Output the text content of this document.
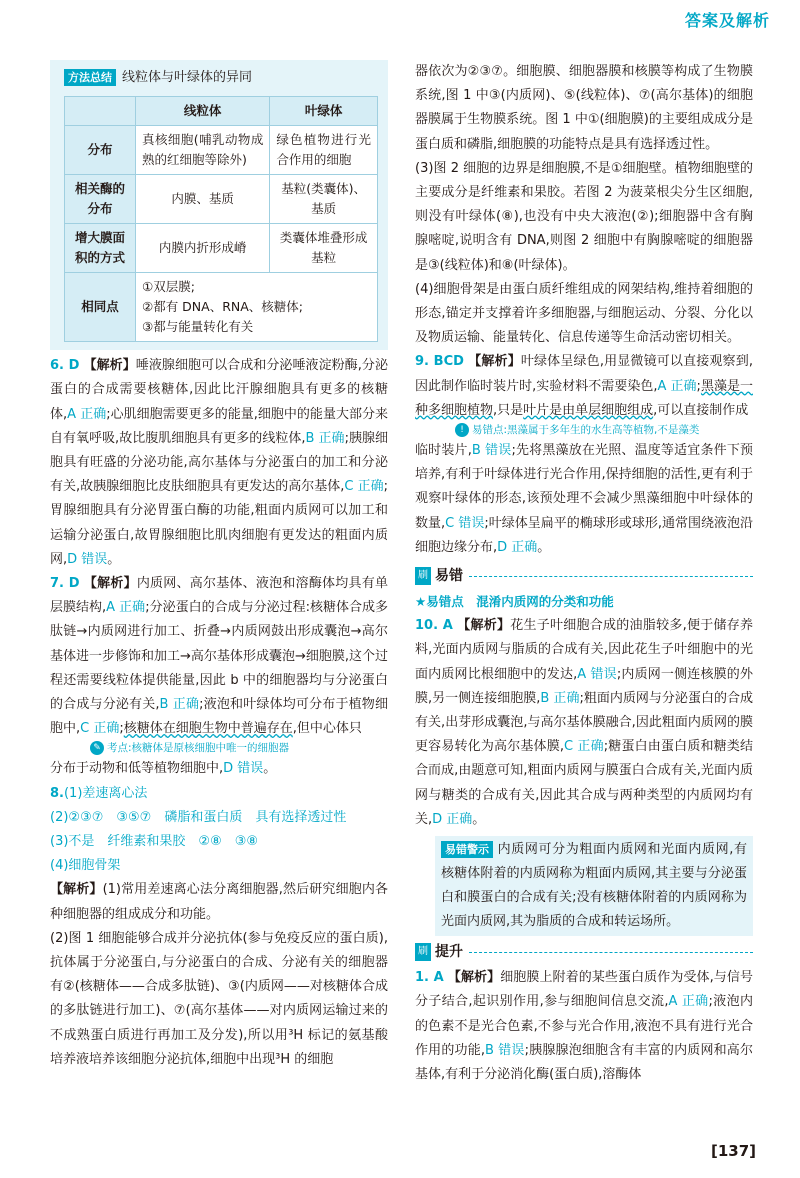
答案及解析
方法总结 线粒体与叶绿体的异同
	线粒体	叶绿体
分布	真核细胞(哺乳动物成熟的红细胞等除外)	绿色植物进行光合作用的细胞
相关酶的分布	内膜、基质	基粒(类囊体)、基质
增大膜面积的方式	内膜内折形成嵴	类囊体堆叠形成基粒
相同点	①双层膜;
②都有 DNA、RNA、核糖体;
③都与能量转化有关	

6. D 【解析】唾液腺细胞可以合成和分泌唾液淀粉酶,分泌蛋白的合成需要核糖体,因此比汗腺细胞具有更多的核糖体,A 正确;心肌细胞需要更多的能量,细胞中的能量大部分来自有氧呼吸,故比腹肌细胞具有更多的线粒体,B 正确;胰腺细胞具有旺盛的分泌功能,高尔基体与分泌蛋白的加工和分泌有关,故胰腺细胞比皮肤细胞具有更发达的高尔基体,C 正确;胃腺细胞具有分泌胃蛋白酶的功能,粗面内质网可以加工和运输分泌蛋白,故胃腺细胞比肌肉细胞有更发达的粗面内质网,D 错误。

7. D 【解析】内质网、高尔基体、液泡和溶酶体均具有单层膜结构,A 正确;分泌蛋白的合成与分泌过程:核糖体合成多肽链→内质网进行加工、折叠→内质网鼓出形成囊泡→高尔基体进一步修饰和加工→高尔基体形成囊泡→细胞膜,这个过程还需要线粒体提供能量,因此 b 中的细胞器均与分泌蛋白的合成与分泌有关,B 正确;液泡和叶绿体均可分布于植物细胞中,C 正确;核糖体在细胞生物中普遍存在,但中心体只

✎ 考点:核糖体是原核细胞中唯一的细胞器

分布于动物和低等植物细胞中,D 错误。

8.(1)差速离心法
(2)②③⑦　③⑤⑦　磷脂和蛋白质　具有选择透过性
(3)不是　纤维素和果胶　②⑧　③⑧
(4)细胞骨架

【解析】(1)常用差速离心法分离细胞器,然后研究细胞内各种细胞器的组成成分和功能。

(2)图 1 细胞能够合成并分泌抗体(参与免疫反应的蛋白质),抗体属于分泌蛋白,与分泌蛋白的合成、分泌有关的细胞器有②(核糖体——合成多肽链)、③(内质网——对核糖体合成的多肽链进行加工)、⑦(高尔基体——对内质网运输过来的不成熟蛋白质进行再加工及分发),所以用³H 标记的氨基酸培养液培养该细胞分泌抗体,细胞中出现³H 的细胞

器依次为②③⑦。细胞膜、细胞器膜和核膜等构成了生物膜系统,图 1 中③(内质网)、⑤(线粒体)、⑦(高尔基体)的细胞器膜属于生物膜系统。图 1 中①(细胞膜)的主要组成成分是蛋白质和磷脂,细胞膜的功能特点是具有选择透过性。

(3)图 2 细胞的边界是细胞膜,不是①细胞壁。植物细胞壁的主要成分是纤维素和果胶。若图 2 为菠菜根尖分生区细胞,则没有叶绿体(⑧),也没有中央大液泡(②);细胞器中含有胸腺嘧啶,说明含有 DNA,则图 2 细胞中有胸腺嘧啶的细胞器是③(线粒体)和⑧(叶绿体)。

(4)细胞骨架是由蛋白质纤维组成的网架结构,维持着细胞的形态,锚定并支撑着许多细胞器,与细胞运动、分裂、分化以及物质运输、能量转化、信息传递等生命活动密切相关。

9. BCD 【解析】叶绿体呈绿色,用显微镜可以直接观察到,因此制作临时装片时,实验材料不需要染色,A 正确;黑藻是一种多细胞植物,只是叶片是由单层细胞组成,可以直接制作成

! 易错点:黑藻属于多年生的水生高等植物,不是藻类

临时装片,B 错误;先将黑藻放在光照、温度等适宜条件下预培养,有利于叶绿体进行光合作用,保持细胞的活性,更有利于观察叶绿体的形态,该预处理不会减少黑藻细胞中叶绿体的数量,C 错误;叶绿体呈扁平的椭球形或球形,通常围绕液泡沿细胞边缘分布,D 正确。

刷 易错
★易错点　混淆内质网的分类和功能

10. A 【解析】花生子叶细胞合成的油脂较多,便于储存养料,光面内质网与脂质的合成有关,因此花生子叶细胞中的光面内质网比根细胞中的发达,A 错误;内质网一侧连核膜的外膜,另一侧连接细胞膜,B 正确;粗面内质网与分泌蛋白的合成有关,出芽形成囊泡,与高尔基体膜融合,因此粗面内质网的膜更容易转化为高尔基体膜,C 正确;糖蛋白由蛋白质和糖类结合而成,由题意可知,粗面内质网与膜蛋白合成有关,光面内质网与糖类的合成有关,因此其合成与两种类型的内质网均有关,D 正确。

易错警示 内质网可分为粗面内质网和光面内质网,有核糖体附着的内质网称为粗面内质网,其主要与分泌蛋白和膜蛋白的合成有关;没有核糖体附着的内质网称为光面内质网,其为脂质的合成和转运场所。
刷 提升

1. A 【解析】细胞膜上附着的某些蛋白质作为受体,与信号分子结合,起识别作用,参与细胞间信息交流,A 正确;液泡内的色素不是光合色素,不参与光合作用,液泡不具有进行光合作用的功能,B 错误;胰腺腺泡细胞含有丰富的内质网和高尔基体,有利于分泌消化酶(蛋白质),溶酶体

[137]
